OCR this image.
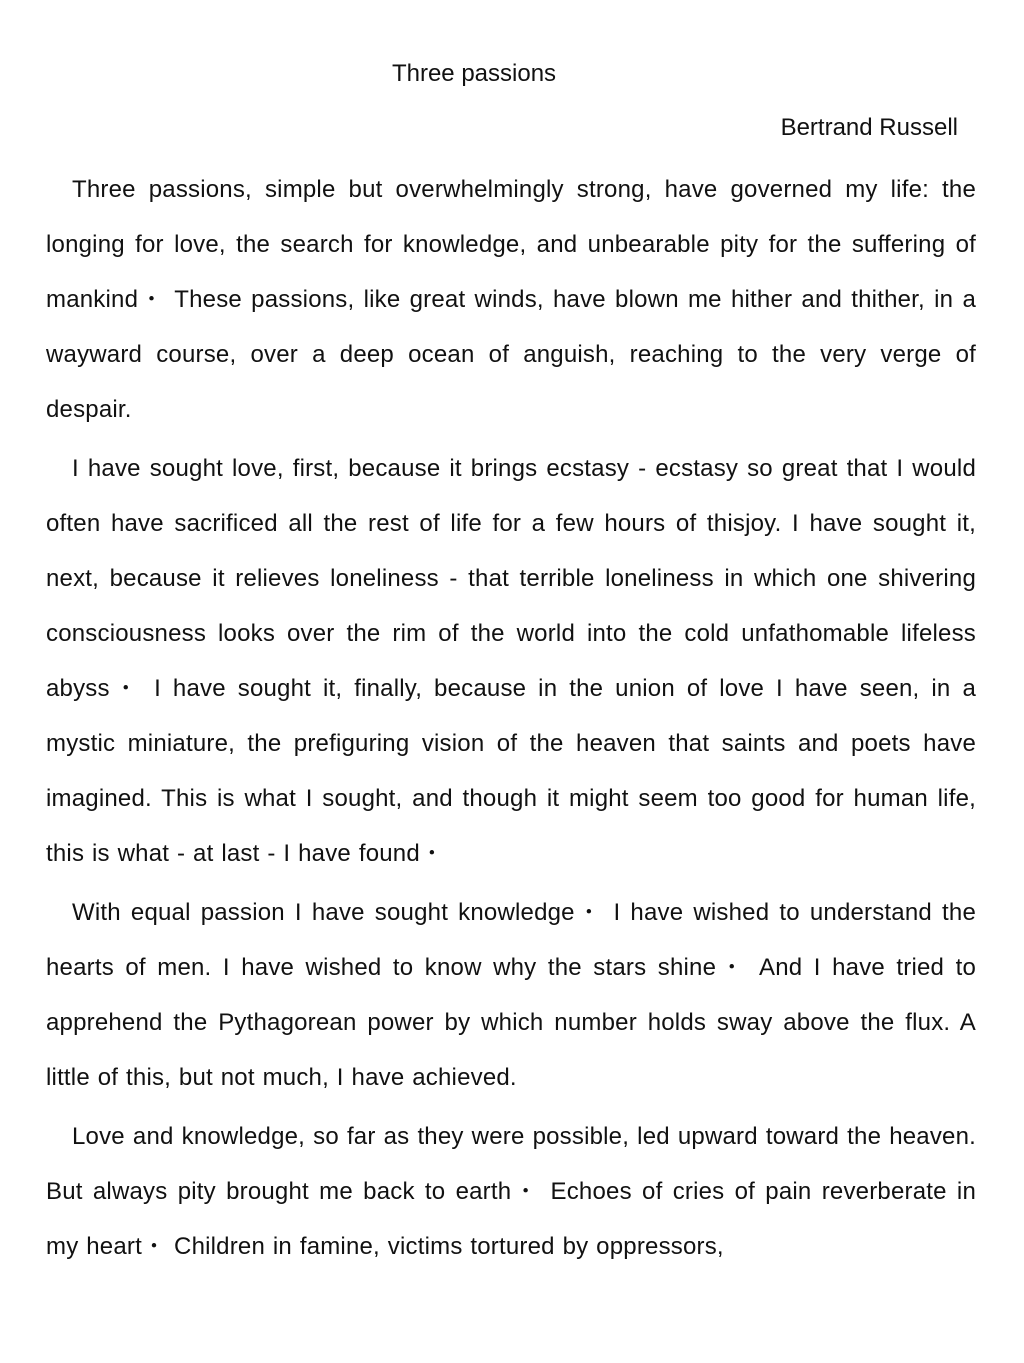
Three passions

Bertrand Russell

Three passions, simple but overwhelmingly strong, have governed my life: the longing for love, the search for knowledge, and unbearable pity for the suffering of mankind・ These passions, like great winds, have blown me hither and thither, in a wayward course, over a deep ocean of anguish, reaching to the very verge of despair.

I have sought love, first, because it brings ecstasy - ecstasy so great that I would often have sacrificed all the rest of life for a few hours of thisjoy. I have sought it, next, because it relieves loneliness - that terrible loneliness in which one shivering consciousness looks over the rim of the world into the cold unfathomable lifeless abyss・ I have sought it, finally, because in the union of love I have seen, in a mystic miniature, the prefiguring vision of the heaven that saints and poets have imagined. This is what I sought, and though it might seem too good for human life, this is what - at last - I have found・

With equal passion I have sought knowledge・ I have wished to understand the hearts of men. I have wished to know why the stars shine・ And I have tried to apprehend the Pythagorean power by which number holds sway above the flux. A little of this, but not much, I have achieved.

Love and knowledge, so far as they were possible, led upward toward the heaven. But always pity brought me back to earth・ Echoes of cries of pain reverberate in my heart・ Children in famine, victims tortured by oppressors,
